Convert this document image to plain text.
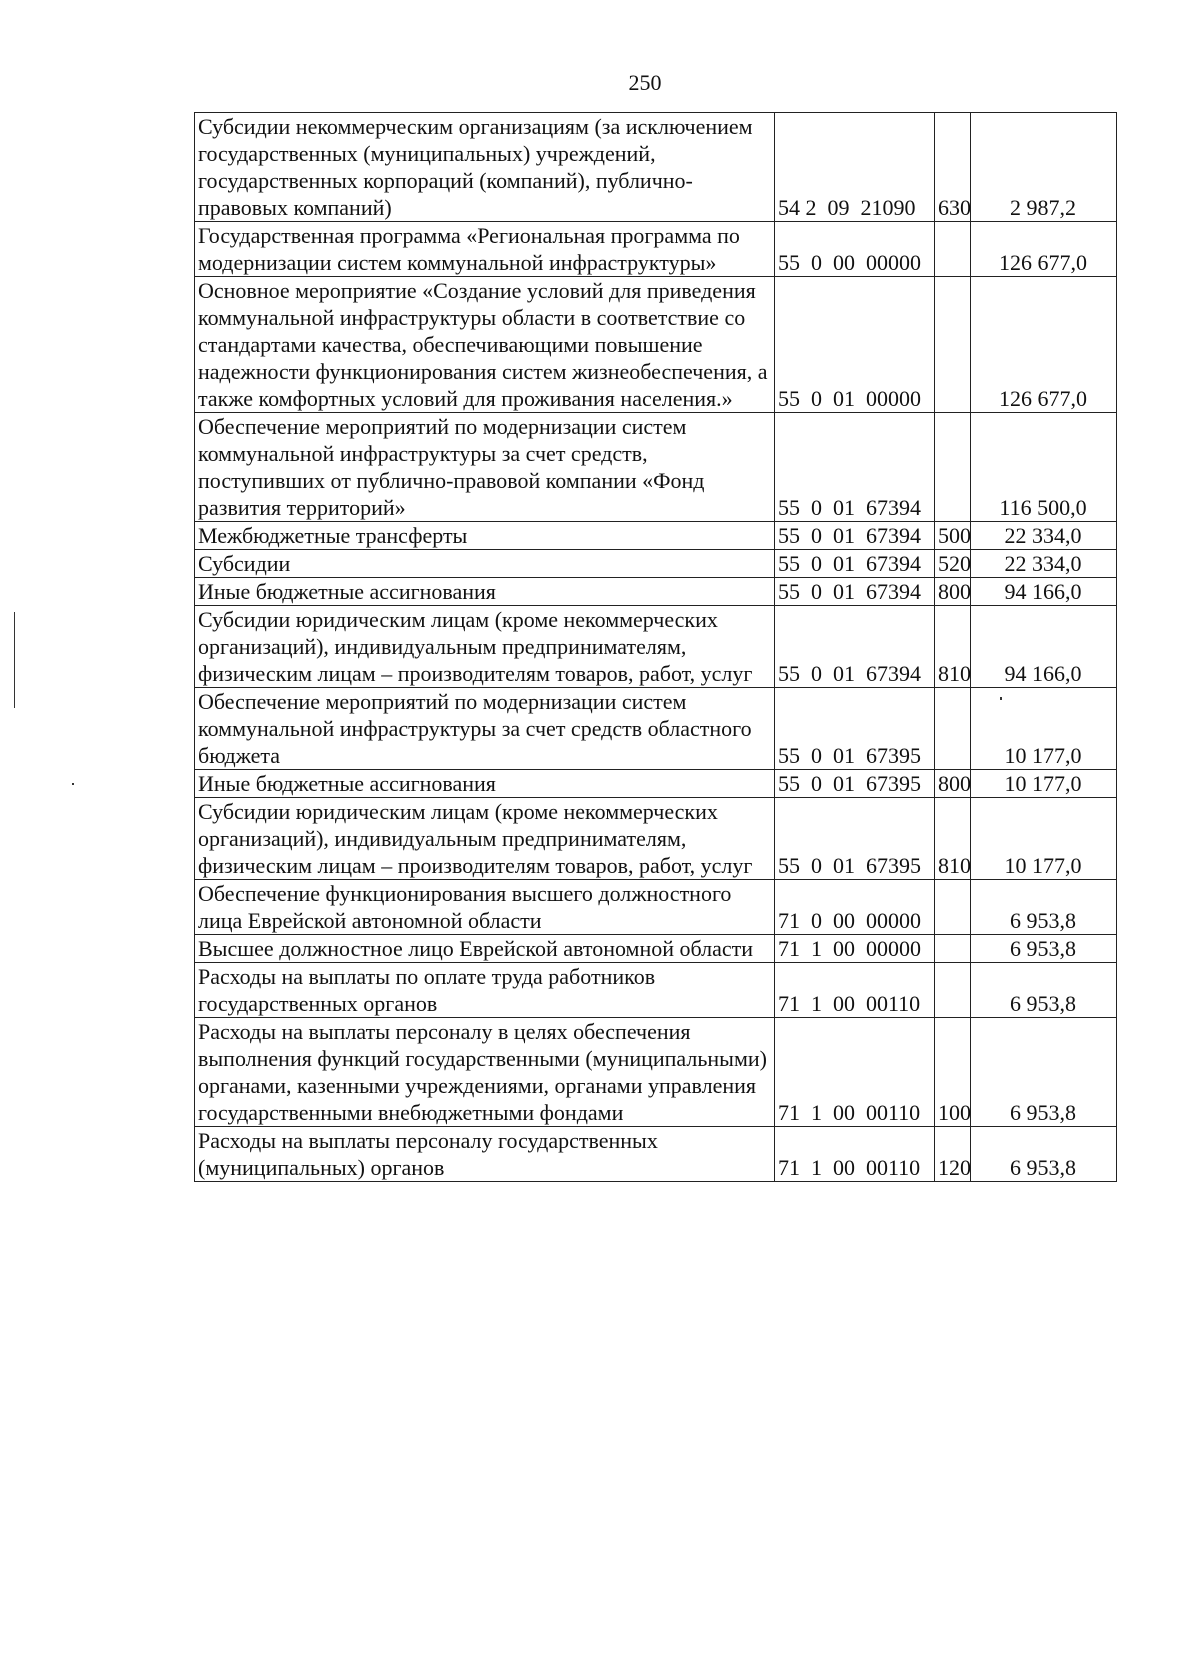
250
Субсидии некоммерческим организациям (за исключением государственных (муниципальных) учреждений, государственных корпораций (компаний), публично-правовых компаний)	54 2  09  21090	630	2 987,2
Государственная программа «Региональная программа по модернизации систем коммунальной инфраструктуры»	55  0  00  00000		126 677,0
Основное мероприятие «Создание условий для приведения коммунальной инфраструктуры области в соответствие со стандартами качества, обеспечивающими повышение надежности функционирования систем жизнеобеспечения, а также комфортных условий для проживания населения.»	55  0  01  00000		126 677,0
Обеспечение мероприятий по модернизации систем коммунальной инфраструктуры за счет средств, поступивших от публично-правовой компании «Фонд развития территорий»	55  0  01  67394		116 500,0
Межбюджетные трансферты	55  0  01  67394	500	22 334,0
Субсидии	55  0  01  67394	520	22 334,0
Иные бюджетные ассигнования	55  0  01  67394	800	94 166,0
Субсидии юридическим лицам (кроме некоммерческих организаций), индивидуальным предпринимателям, физическим лицам – производителям товаров, работ, услуг	55  0  01  67394	810	94 166,0
Обеспечение мероприятий по модернизации систем коммунальной инфраструктуры за счет средств областного бюджета	55  0  01  67395		10 177,0
Иные бюджетные ассигнования	55  0  01  67395	800	10 177,0
Субсидии юридическим лицам (кроме некоммерческих организаций), индивидуальным предпринимателям, физическим лицам – производителям товаров, работ, услуг	55  0  01  67395	810	10 177,0
Обеспечение функционирования высшего должностного лица Еврейской автономной области	71  0  00  00000		6 953,8
Высшее должностное лицо Еврейской автономной области	71  1  00  00000		6 953,8
Расходы на выплаты по оплате труда работников государственных органов	71  1  00  00110		6 953,8
Расходы на выплаты персоналу в целях обеспечения выполнения функций государственными (муниципальными) органами, казенными учреждениями, органами управления государственными внебюджетными фондами	71  1  00  00110	100	6 953,8
Расходы на выплаты персоналу государственных (муниципальных) органов	71  1  00  00110	120	6 953,8
